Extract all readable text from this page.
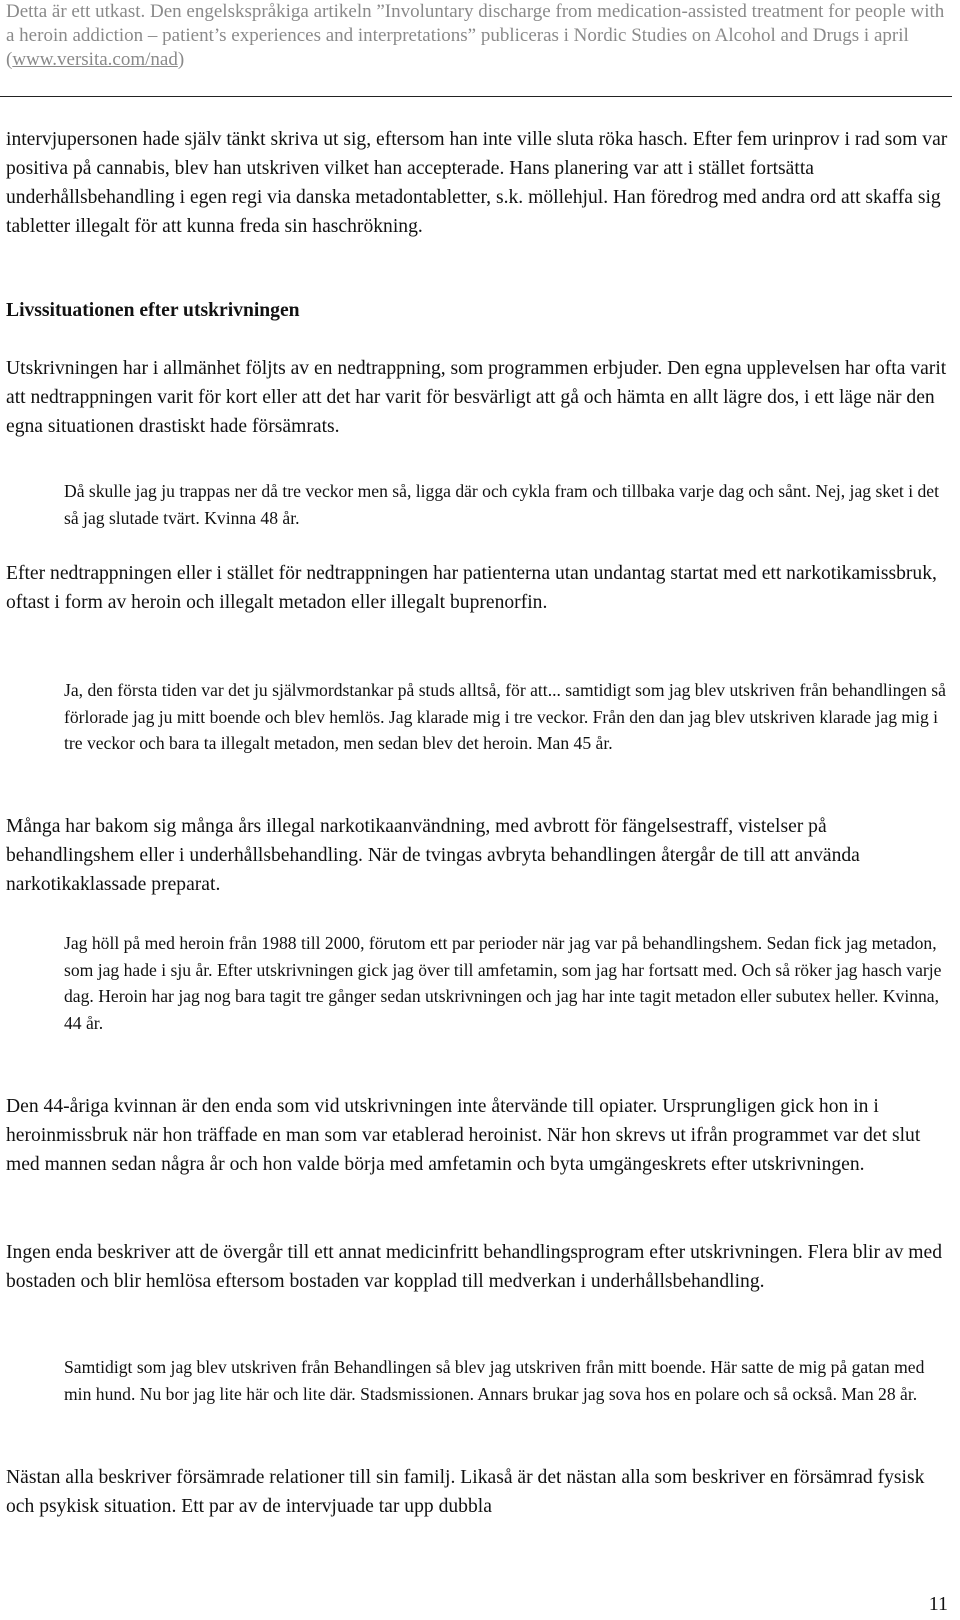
Detta är ett utkast. Den engelskspråkiga artikeln ”Involuntary discharge from medication-assisted treatment for people with a heroin addiction – patient’s experiences and interpretations” publiceras i Nordic Studies on Alcohol and Drugs i april (www.versita.com/nad)

intervjupersonen hade själv tänkt skriva ut sig, eftersom han inte ville sluta röka hasch. Efter fem urinprov i rad som var positiva på cannabis, blev han utskriven vilket han accepterade. Hans planering var att i stället fortsätta underhållsbehandling i egen regi via danska metadontabletter, s.k. möllehjul. Han föredrog med andra ord att skaffa sig tabletter illegalt för att kunna freda sin haschrökning.

Livssituationen efter utskrivningen

Utskrivningen har i allmänhet följts av en nedtrappning, som programmen erbjuder. Den egna upplevelsen har ofta varit att nedtrappningen varit för kort eller att det har varit för besvärligt att gå och hämta en allt lägre dos, i ett läge när den egna situationen drastiskt hade försämrats.

Då skulle jag ju trappas ner då tre veckor men så, ligga där och cykla fram och tillbaka varje dag och sånt. Nej, jag sket i det så jag slutade tvärt. Kvinna 48 år.

Efter nedtrappningen eller i stället för nedtrappningen har patienterna utan undantag startat med ett narkotikamissbruk, oftast i form av heroin och illegalt metadon eller illegalt buprenorfin.

Ja, den första tiden var det ju självmordstankar på studs alltså, för att... samtidigt som jag blev utskriven från behandlingen så förlorade jag ju mitt boende och blev hemlös. Jag klarade mig i tre veckor. Från den dan jag blev utskriven klarade jag mig i tre veckor och bara ta illegalt metadon, men sedan blev det heroin. Man 45 år.

Många har bakom sig många års illegal narkotikaanvändning, med avbrott för fängelsestraff, vistelser på behandlingshem eller i underhållsbehandling. När de tvingas avbryta behandlingen återgår de till att använda narkotikaklassade preparat.

Jag höll på med heroin från 1988 till 2000, förutom ett par perioder när jag var på behandlingshem. Sedan fick jag metadon, som jag hade i sju år. Efter utskrivningen gick jag över till amfetamin, som jag har fortsatt med. Och så röker jag hasch varje dag. Heroin har jag nog bara tagit tre gånger sedan utskrivningen och jag har inte tagit metadon eller subutex heller. Kvinna, 44 år.

Den 44-åriga kvinnan är den enda som vid utskrivningen inte återvände till opiater. Ursprungligen gick hon in i heroinmissbruk när hon träffade en man som var etablerad heroinist. När hon skrevs ut ifrån programmet var det slut med mannen sedan några år och hon valde börja med amfetamin och byta umgängeskrets efter utskrivningen.

Ingen enda beskriver att de övergår till ett annat medicinfritt behandlingsprogram efter utskrivningen. Flera blir av med bostaden och blir hemlösa eftersom bostaden var kopplad till medverkan i underhållsbehandling.

Samtidigt som jag blev utskriven från Behandlingen så blev jag utskriven från mitt boende. Här satte de mig på gatan med min hund. Nu bor jag lite här och lite där. Stadsmissionen. Annars brukar jag sova hos en polare och så också. Man 28 år.

Nästan alla beskriver försämrade relationer till sin familj. Likaså är det nästan alla som beskriver en försämrad fysisk och psykisk situation. Ett par av de intervjuade tar upp dubbla

11
